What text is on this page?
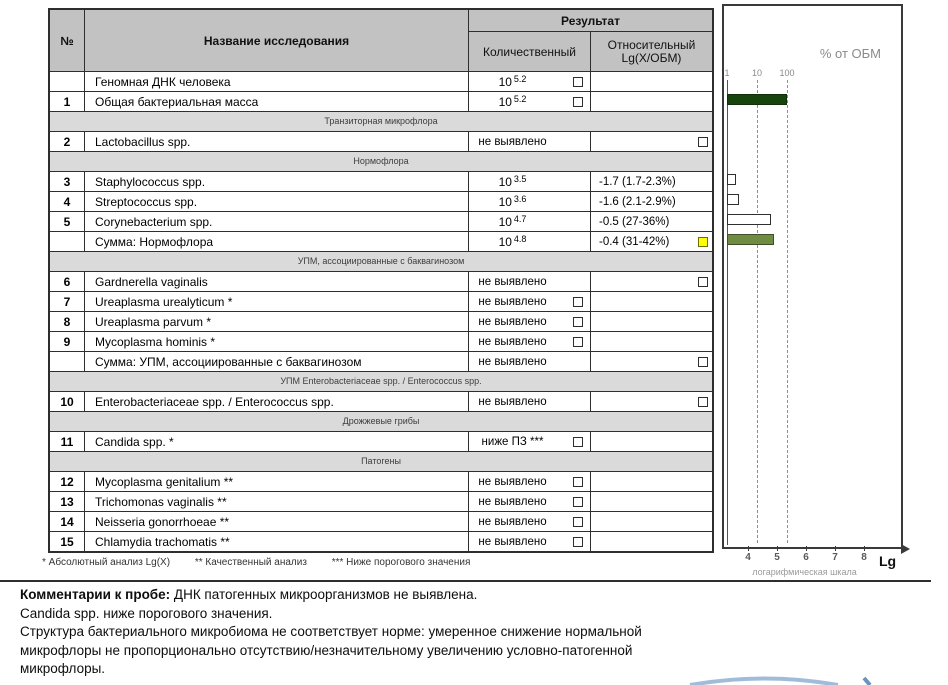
№	Название исследования
Результат
Количественный	Относительный
Lg(X/ОБМ)
Геномная ДНК человека	10 $^{5.2}$
1	Общая бактериальная масса	10 $^{5.2}$
Транзиторная микрофлора
2	Lactobacillus spp.	не выявлено
Нормофлора
3	Staphylococcus spp.	10 $^{3.5}$	-1.7 (1.7-2.3%)
4	Streptococcus spp.	10 $^{3.6}$	-1.6 (2.1-2.9%)
5	Corynebacterium spp.	10 $^{4.7}$	-0.5 (27-36%)
Сумма: Нормофлора	10 $^{4.8}$	-0.4 (31-42%)
УПМ, ассоциированные с баквагинозом
6	Gardnerella vaginalis	не выявлено
7	Ureaplasma urealyticum *	не выявлено
8	Ureaplasma parvum *	не выявлено
9	Mycoplasma hominis *	не выявлено
Сумма: УПМ, ассоциированные с баквагинозом	не выявлено
УПМ Enterobacteriaceae spp. / Enterococcus spp.
10	Enterobacteriaceae spp. / Enterococcus spp.	не выявлено
Дрожжевые грибы
11	Candida spp. *	ниже ПЗ ***
Патогены
12	Mycoplasma genitalium **	не выявлено
13	Trichomonas vaginalis **	не выявлено
14	Neisseria gonorrhoeae **	не выявлено
15	Chlamydia trachomatis **	не выявлено
% от ОБМ
1	10	100
4	5	6	7	8 Lg
логарифмическая шкала
* Абсолютный анализ Lg(X) ** Качественный анализ *** Ниже порогового значения
Комментарии к пробе: ДНК патогенных микроорганизмов не выявлена.
Candida spp. ниже порогового значения.
Структура бактериального микробиома не соответствует норме: умеренное снижение нормальной
микрофлоры не пропорционально отсутствию/незначительному увеличению условно-патогенной
микрофлоры.
